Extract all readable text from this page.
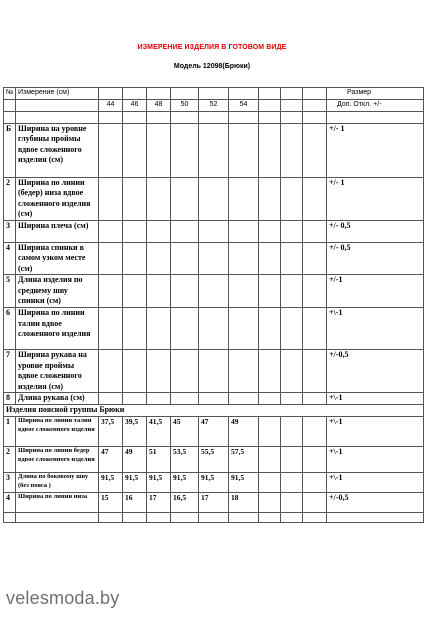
ИЗМЕРЕНИЕ ИЗДЕЛИЯ В ГОТОВОМ ВИДЕ
Модель 12098(Брюки)
№	Измерение (см)										Размер
		44	46	48	50	52	54				Доп. Откл. +/-

Б	Ширина на уровне глубины проймы вдвое сложенного изделия (см)										+/- 1
2	Ширина по линии (бедер) низа вдвое сложенного изделия (см)										+/- 1
3	Ширина плеча (см)										+/- 0,5
4	Ширина спинки в самом узком месте (см)										+/- 0,5
5	Длина изделия по среднему шву спинки (см)										+/-1
6	Ширина по линии талии вдвое сложенного изделия										+\-1
7	Ширина рукава на уровне проймы вдвое сложенного изделия (см)										+/-0,5
8	Длина рукава (см)										+\-1
Изделия поясной группы Брюки											
1	Ширина по линии талии вдвое сложенного изделия	37,5	39,5	41,5	45	47	49				+\-1
2	Ширина по линии бедер вдвое сложенного изделия	47	49	51	53,5	55,5	57,5				+\-1
3	Длина по боковому шву (без пояса )	91,5	91,5	91,5	91,5	91,5	91,5				+\-1
4	Ширина по линии низа	15	16	17	16,5	17	18				+/-0,5

velesmoda.by
